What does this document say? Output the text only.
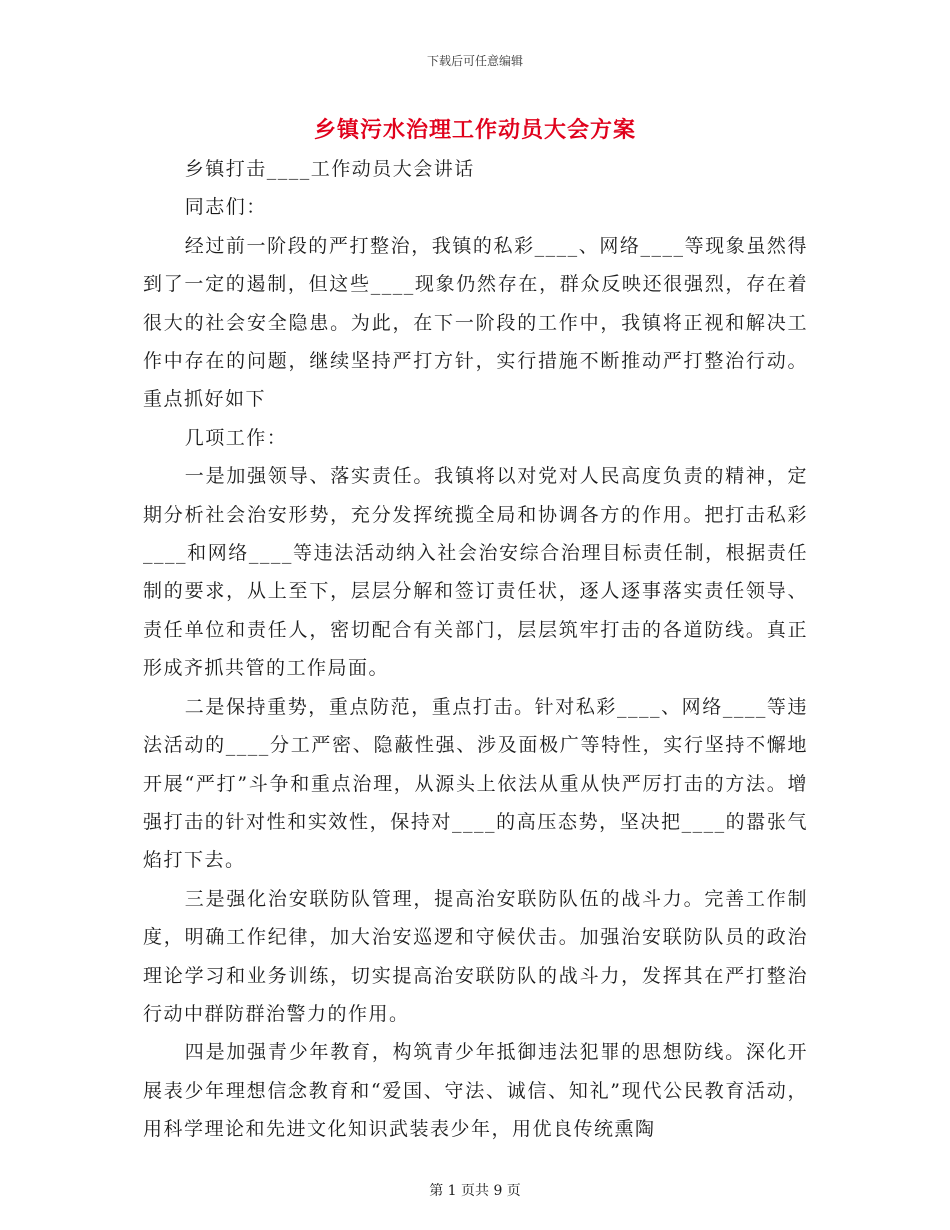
下载后可任意编辑
乡镇污水治理工作动员大会方案

乡镇打击____工作动员大会讲话

同志们：

经过前一阶段的严打整治，我镇的私彩____、网络____等现象虽然得到了一定的遏制，但这些____现象仍然存在，群众反映还很强烈，存在着很大的社会安全隐患。为此，在下一阶段的工作中，我镇将正视和解决工作中存在的问题，继续坚持严打方针，实行措施不断推动严打整治行动。重点抓好如下

几项工作：

一是加强领导、落实责任。我镇将以对党对人民高度负责的精神，定期分析社会治安形势，充分发挥统揽全局和协调各方的作用。把打击私彩____和网络____等违法活动纳入社会治安综合治理目标责任制，根据责任制的要求，从上至下，层层分解和签订责任状，逐人逐事落实责任领导、责任单位和责任人，密切配合有关部门，层层筑牢打击的各道防线。真正形成齐抓共管的工作局面。

二是保持重势，重点防范，重点打击。针对私彩____、网络____等违法活动的____分工严密、隐蔽性强、涉及面极广等特性，实行坚持不懈地开展“严打”斗争和重点治理，从源头上依法从重从快严厉打击的方法。增强打击的针对性和实效性，保持对____的高压态势，坚决把____的嚣张气焰打下去。

三是强化治安联防队管理，提高治安联防队伍的战斗力。完善工作制度，明确工作纪律，加大治安巡逻和守候伏击。加强治安联防队员的政治理论学习和业务训练，切实提高治安联防队的战斗力，发挥其在严打整治行动中群防群治警力的作用。

四是加强青少年教育，构筑青少年抵御违法犯罪的思想防线。深化开展表少年理想信念教育和“爱国、守法、诚信、知礼”现代公民教育活动，用科学理论和先进文化知识武装表少年，用优良传统熏陶

第 1 页共 9 页
